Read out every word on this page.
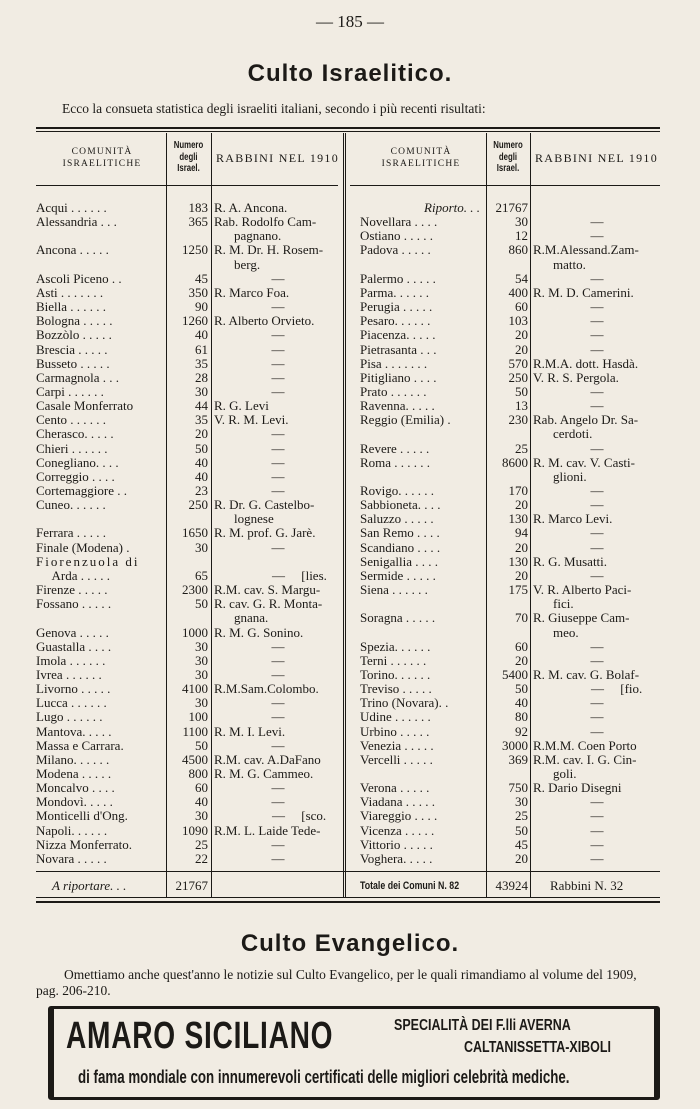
— 185 —
Culto Israelitico.
Ecco la consueta statistica degli israeliti italiani, secondo i più recenti risultati:
COMUNITÀ ISRAELITICHE
Numero
degli
Israel.
RABBINI NEL 1910	COMUNITÀ ISRAELITICHE
Numero
degli
Israel.
RABBINI NEL 1910
Acqui . . . . . .	183 R. A. Ancona.
Alessandria . . .	365 Rab. Rodolfo Cam-
pagnano.
Ancona . . . . .	1250 R. M. Dr. H. Rosem-
berg.
Ascoli Piceno . .	45	—
Asti . . . . . . .	350 R. Marco Foa.
Biella . . . . . .	90	—
Bologna . . . . .	1260 R. Alberto Orvieto.
Bozzòlo . . . . .	40	—
Brescia . . . . .	61	—
Busseto . . . . .	35	—
Carmagnola . . .	28	—
Carpi . . . . . .	30	—
Casale Monferrato	44 R. G. Levi
Cento . . . . . .	35 V. R. M. Levi.
Cherasco. . . . .	20	—
Chieri . . . . . .	50	—
Conegliano. . . .	40	—
Correggio . . . .	40	—
Cortemaggiore . .	23	—
Cuneo. . . . . .	250 R. Dr. G. Castelbo-
lognese
Ferrara . . . . .	1650 R. M. prof. G. Jarè.
Finale (Modena) .	30	—
Fiorenzuola di
Arda . . . . .	65	—     [lies.
Firenze . . . . .	2300 R.M. cav. S. Margu-
Fossano . . . . .	50 R. cav. G. R. Monta-
gnana.
Genova . . . . .	1000 R. M. G. Sonino.
Guastalla . . . .	30	—
Imola . . . . . .	30	—
Ivrea . . . . . .	30	—
Livorno . . . . .	4100 R.M.Sam.Colombo.
Lucca . . . . . .	30	—
Lugo . . . . . .	100	—
Mantova. . . . .	1100 R. M. I. Levi.
Massa e Carrara.	50	—
Milano. . . . . .	4500 R.M. cav. A.DaFano
Modena . . . . .	800 R. M. G. Cammeo.
Moncalvo . . . .	60	—
Mondovì. . . . .	40	—
Monticelli d'Ong.	30	—     [sco.
Napoli. . . . . .	1090 R.M. L. Laide Tede-
Nizza Monferrato.	25	—
Novara . . . . .	22	—
Riporto. . .	21767
Novellara . . . .	30	—
Ostiano . . . . .	12	—
Padova . . . . .	860 R.M.Alessand.Zam-
matto.
Palermo . . . . .	54	—
Parma. . . . . .	400 R. M. D. Camerini.
Perugia . . . . .	60	—
Pesaro. . . . . .	103	—
Piacenza. . . . .	20	—
Pietrasanta . . .	20	—
Pisa . . . . . . .	570 R.M.A. dott. Hasdà.
Pitigliano . . . .	250 V. R. S. Pergola.
Prato . . . . . .	50	—
Ravenna. . . . .	13	—
Reggio (Emilia) .	230 Rab. Angelo Dr. Sa-
cerdoti.
Revere . . . . .	25	—
Roma . . . . . .	8600 R. M. cav. V. Casti-
glioni.
Rovigo. . . . . .	170	—
Sabbioneta. . . .	20	—
Saluzzo . . . . .	130 R. Marco Levi.
San Remo . . . .	94	—
Scandiano . . . .	20	—
Senigallia . . . .	130 R. G. Musatti.
Sermide . . . . .	20	—
Siena . . . . . .	175 V. R. Alberto Paci-
fici.
Soragna . . . . .	70 R. Giuseppe Cam-
meo.
Spezia. . . . . .	60	—
Terni . . . . . .	20	—
Torino. . . . . .	5400 R. M. cav. G. Bolaf-
Treviso . . . . .	50	—     [fio.
Trino (Novara). .	40	—
Udine . . . . . .	80	—
Urbino . . . . .	92	—
Venezia . . . . .	3000 R.M.M. Coen Porto
Vercelli . . . . .	369 R.M. cav. I. G. Cin-
goli.
Verona . . . . .	750 R. Dario Disegni
Viadana . . . . .	30	—
Viareggio . . . .	25	—
Vicenza . . . . .	50	—
Vittorio . . . . .	45	—
Voghera. . . . .	20	—
A riportare. . .	21767	Totale dei Comuni N. 82	43924 Rabbini N. 32
Culto Evangelico.
Omettiamo anche quest'anno le notizie sul Culto Evangelico, per le quali rimandiamo al volume del 1909, pag. 206-210.
AMARO SICILIANO	SPECIALITÀ DEI F.lli AVERNA
CALTANISSETTA-XIBOLI
di fama mondiale con innumerevoli certificati delle migliori celebrità mediche.
